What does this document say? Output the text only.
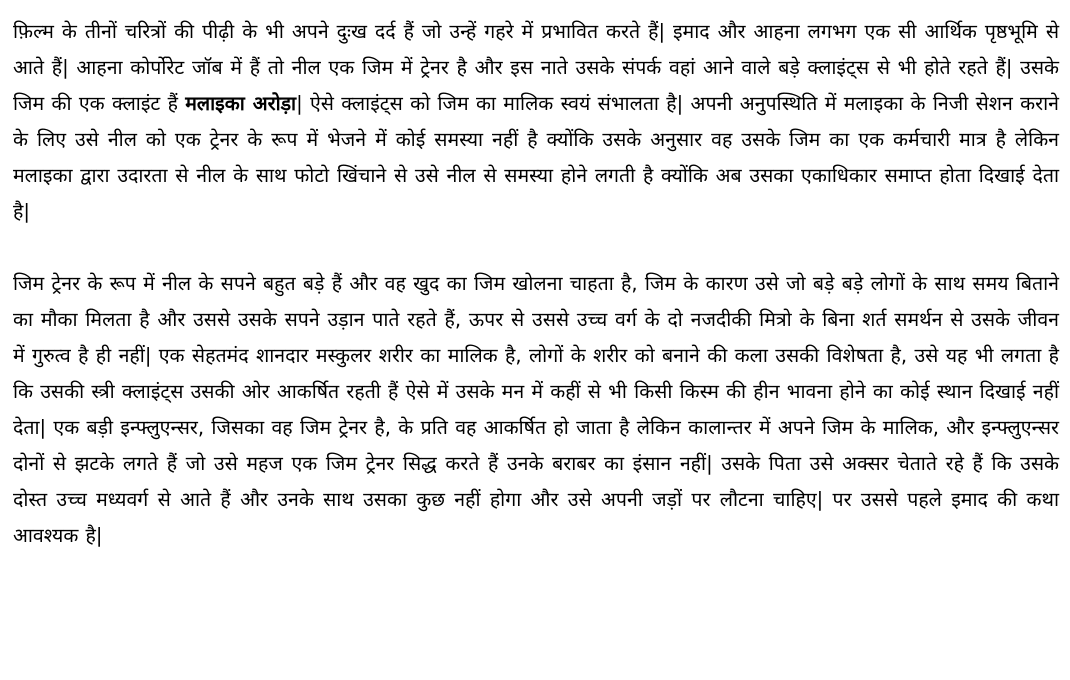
फ़िल्म के तीनों चरित्रों की पीढ़ी के भी अपने दुःख दर्द हैं जो उन्हें गहरे में प्रभावित करते हैं| इमाद और आहना लगभग एक सी आर्थिक पृष्ठभूमि से आते हैं| आहना कोर्पोरेट जॉब में हैं तो नील एक जिम में ट्रेनर है और इस नाते उसके संपर्क वहां आने वाले बड़े क्लाइंट्स से भी होते रहते हैं| उसके जिम की एक क्लाइंट हैं मलाइका अरोड़ा| ऐसे क्लाइंट्स को जिम का मालिक स्वयं संभालता है| अपनी अनुपस्थिति में मलाइका के निजी सेशन कराने के लिए उसे नील को एक ट्रेनर के रूप में भेजने में कोई समस्या नहीं है क्योंकि उसके अनुसार वह उसके जिम का एक कर्मचारी मात्र है लेकिन मलाइका द्वारा उदारता से नील के साथ फोटो खिंचाने से उसे नील से समस्या होने लगती है क्योंकि अब उसका एकाधिकार समाप्त होता दिखाई देता है|

जिम ट्रेनर के रूप में नील के सपने बहुत बड़े हैं और वह खुद का जिम खोलना चाहता है, जिम के कारण उसे जो बड़े बड़े लोगों के साथ समय बिताने का मौका मिलता है और उससे उसके सपने उड़ान पाते रहते हैं, ऊपर से उससे उच्च वर्ग के दो नजदीकी मित्रो के बिना शर्त समर्थन से उसके जीवन में गुरुत्व है ही नहीं| एक सेहतमंद शानदार मस्कुलर शरीर का मालिक है, लोगों के शरीर को बनाने की कला उसकी विशेषता है, उसे यह भी लगता है कि उसकी स्त्री क्लाइंट्स उसकी ओर आकर्षित रहती हैं ऐसे में उसके मन में कहीं से भी किसी किस्म की हीन भावना होने का कोई स्थान दिखाई नहीं देता| एक बड़ी इन्फ्लुएन्सर, जिसका वह जिम ट्रेनर है, के प्रति वह आकर्षित हो जाता है लेकिन कालान्तर में अपने जिम के मालिक, और इन्फ्लुएन्सर दोनों से झटके लगते हैं जो उसे महज एक जिम ट्रेनर सिद्ध करते हैं उनके बराबर का इंसान नहीं| उसके पिता उसे अक्सर चेताते रहे हैं कि उसके दोस्त उच्च मध्यवर्ग से आते हैं और उनके साथ उसका कुछ नहीं होगा और उसे अपनी जड़ों पर लौटना चाहिए| पर उससे पहले इमाद की कथा आवश्यक है|
